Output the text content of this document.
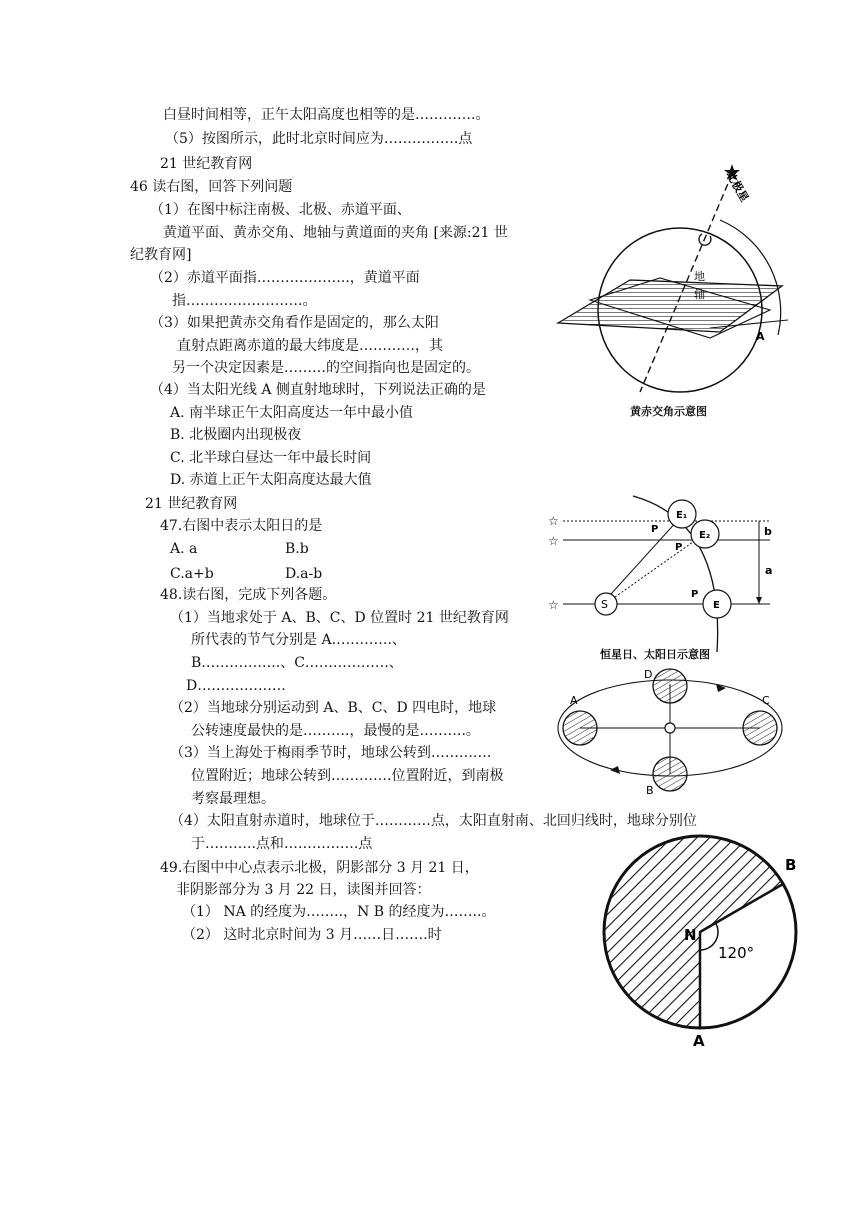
白昼时间相等，正午太阳高度也相等的是………….。
（5）按图所示，此时北京时间应为…………….点
21 世纪教育网
46 读右图，回答下列问题
（1）在图中标注南极、北极、赤道平面、
黄道平面、黄赤交角、地轴与黄道面的夹角 [来源:21 世
纪教育网]
（2）赤道平面指………………..，黄道平面
指…………………….。
（3）如果把黄赤交角看作是固定的，那么太阳
直射点距离赤道的最大纬度是…………，其
另一个决定因素是………的空间指向也是固定的。
（4）当太阳光线 A 侧直射地球时，下列说法正确的是
A. 南半球正午太阳高度达一年中最小值
B. 北极圈内出现极夜
C. 北半球白昼达一年中最长时间
D. 赤道上正午太阳高度达最大值
21 世纪教育网
47.右图中表示太阳日的是
A. a	B.b
C.a+b	D.a-b
48.读右图，完成下列各题。
（1）当地求处于 A、B、C、D 位置时 21 世纪教育网
所代表的节气分别是 A………….、
B……………..、C………………、
D……………….
（2）当地球分别运动到 A、B、C、D 四电时，地球
公转速度最快的是……….，最慢的是……….。
（3）当上海处于梅雨季节时，地球公转到………….
位置附近；地球公转到………….位置附近，到南极
考察最理想。
（4）太阳直射赤道时，地球位于…………点，太阳直射南、北回归线时，地球分别位
于………..点和…………….点
49.右图中中心点表示北极，阴影部分 3 月 21 日，
非阴影部分为 3 月 22 日，读图并回答：
（1） NA 的经度为……..，N B 的经度为……..。
（2） 这时北京时间为 3 月……日…….时
北极星
地
轴
A
黄赤交角示意图
☆
☆
☆	S
E₁
E₂
E
P
P
P
a
b
恒星日、太阳日示意图
A
B
C
D
N
A
B
120°
